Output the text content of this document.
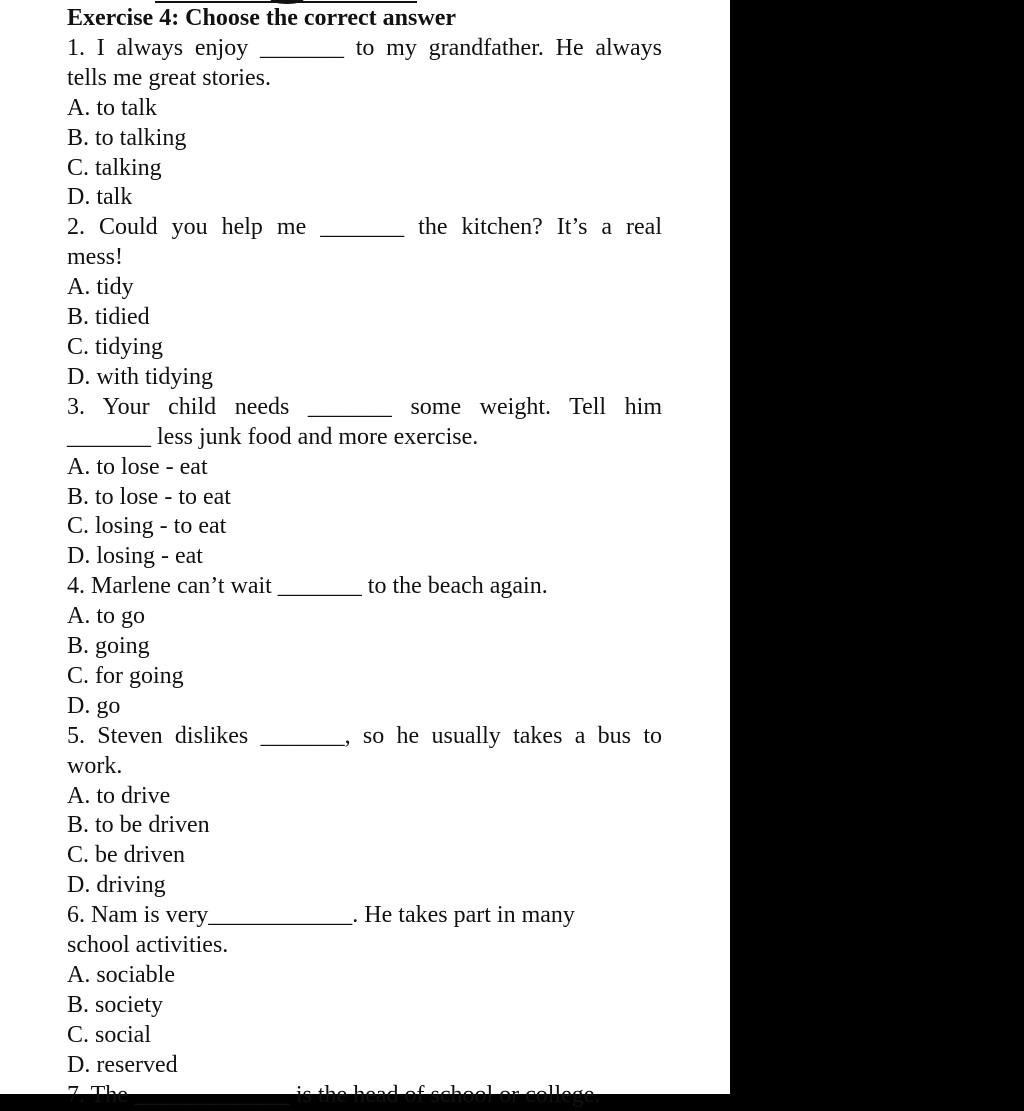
Exercise 4: Choose the correct answer
1. I always enjoy _______ to my grandfather. He always
tells me great stories.
A. to talk
B. to talking
C. talking
D. talk
2. Could you help me _______ the kitchen? It’s a real
mess!
A. tidy
B. tidied
C. tidying
D. with tidying
3. Your child needs _______ some weight. Tell him
_______ less junk food and more exercise.
A. to lose - eat
B. to lose - to eat
C. losing - to eat
D. losing - eat
4. Marlene can’t wait _______ to the beach again.
A. to go
B. going
C. for going
D. go
5. Steven dislikes _______, so he usually takes a bus to
work.
A. to drive
B. to be driven
C. be driven
D. driving
6. Nam is very____________. He takes part in many
school activities.
A. sociable
B. society
C. social
D. reserved
7. The _____________ is the head of school or college.
